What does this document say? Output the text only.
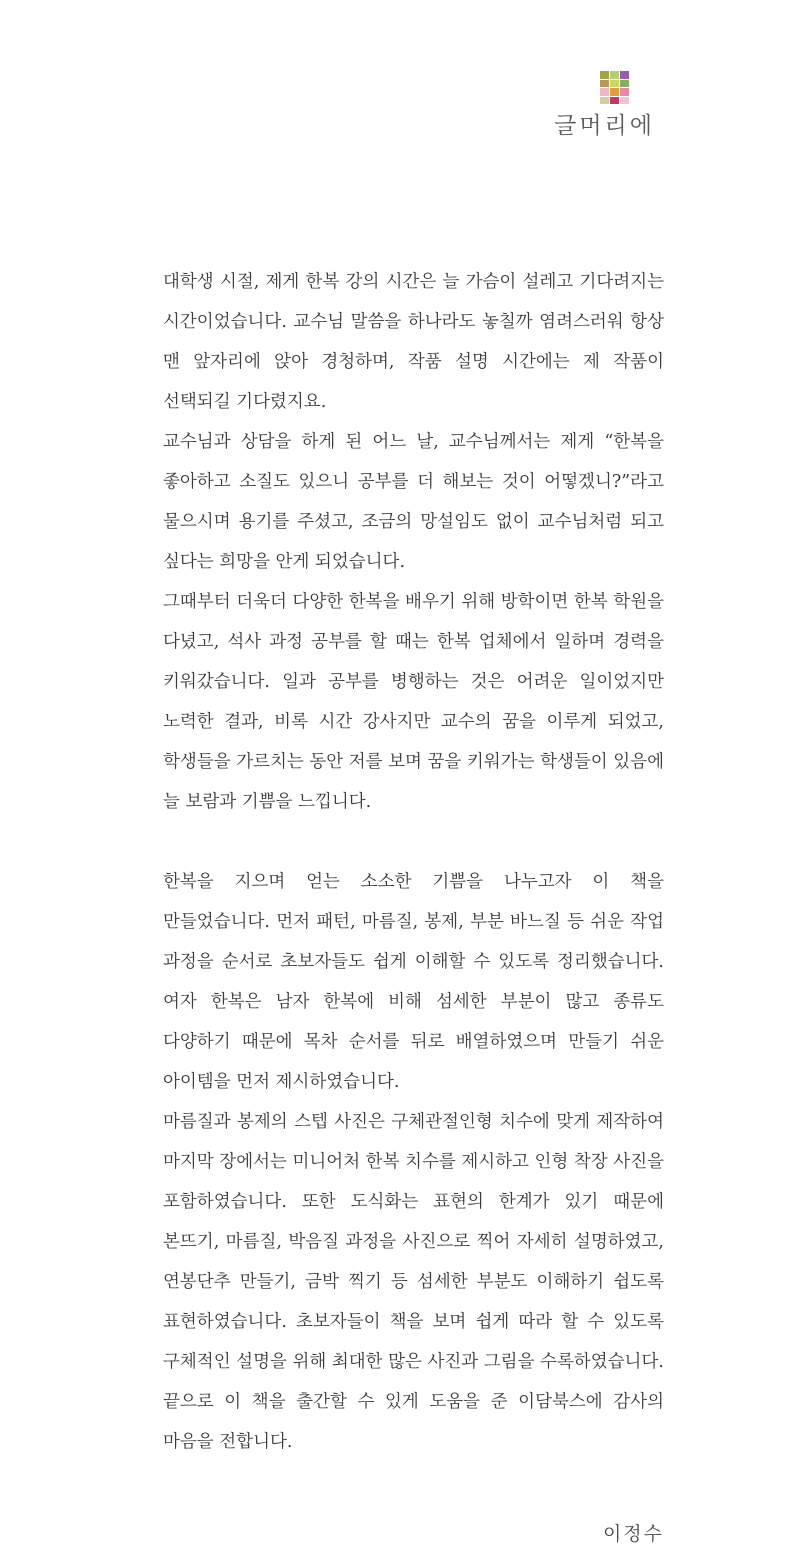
글머리에

대학생 시절, 제게 한복 강의 시간은 늘 가슴이 설레고 기다려지는 시간이었습니다. 교수님 말씀을 하나라도 놓칠까 염려스러워 항상 맨 앞자리에 앉아 경청하며, 작품 설명 시간에는 제 작품이 선택되길 기다렸지요.

교수님과 상담을 하게 된 어느 날, 교수님께서는 제게 “한복을 좋아하고 소질도 있으니 공부를 더 해보는 것이 어떻겠니?”라고 물으시며 용기를 주셨고, 조금의 망설임도 없이 교수님처럼 되고 싶다는 희망을 안게 되었습니다.

그때부터 더욱더 다양한 한복을 배우기 위해 방학이면 한복 학원을 다녔고, 석사 과정 공부를 할 때는 한복 업체에서 일하며 경력을 키워갔습니다. 일과 공부를 병행하는 것은 어려운 일이었지만 노력한 결과, 비록 시간 강사지만 교수의 꿈을 이루게 되었고, 학생들을 가르치는 동안 저를 보며 꿈을 키워가는 학생들이 있음에 늘 보람과 기쁨을 느낍니다.

한복을 지으며 얻는 소소한 기쁨을 나누고자 이 책을 만들었습니다. 먼저 패턴, 마름질, 봉제, 부분 바느질 등 쉬운 작업 과정을 순서로 초보자들도 쉽게 이해할 수 있도록 정리했습니다. 여자 한복은 남자 한복에 비해 섬세한 부분이 많고 종류도 다양하기 때문에 목차 순서를 뒤로 배열하였으며 만들기 쉬운 아이템을 먼저 제시하였습니다.

마름질과 봉제의 스텝 사진은 구체관절인형 치수에 맞게 제작하여 마지막 장에서는 미니어처 한복 치수를 제시하고 인형 착장 사진을 포함하였습니다. 또한 도식화는 표현의 한계가 있기 때문에 본뜨기, 마름질, 박음질 과정을 사진으로 찍어 자세히 설명하였고, 연봉단추 만들기, 금박 찍기 등 섬세한 부분도 이해하기 쉽도록 표현하였습니다. 초보자들이 책을 보며 쉽게 따라 할 수 있도록 구체적인 설명을 위해 최대한 많은 사진과 그림을 수록하였습니다.

끝으로 이 책을 출간할 수 있게 도움을 준 이담북스에 감사의 마음을 전합니다.

이정수
